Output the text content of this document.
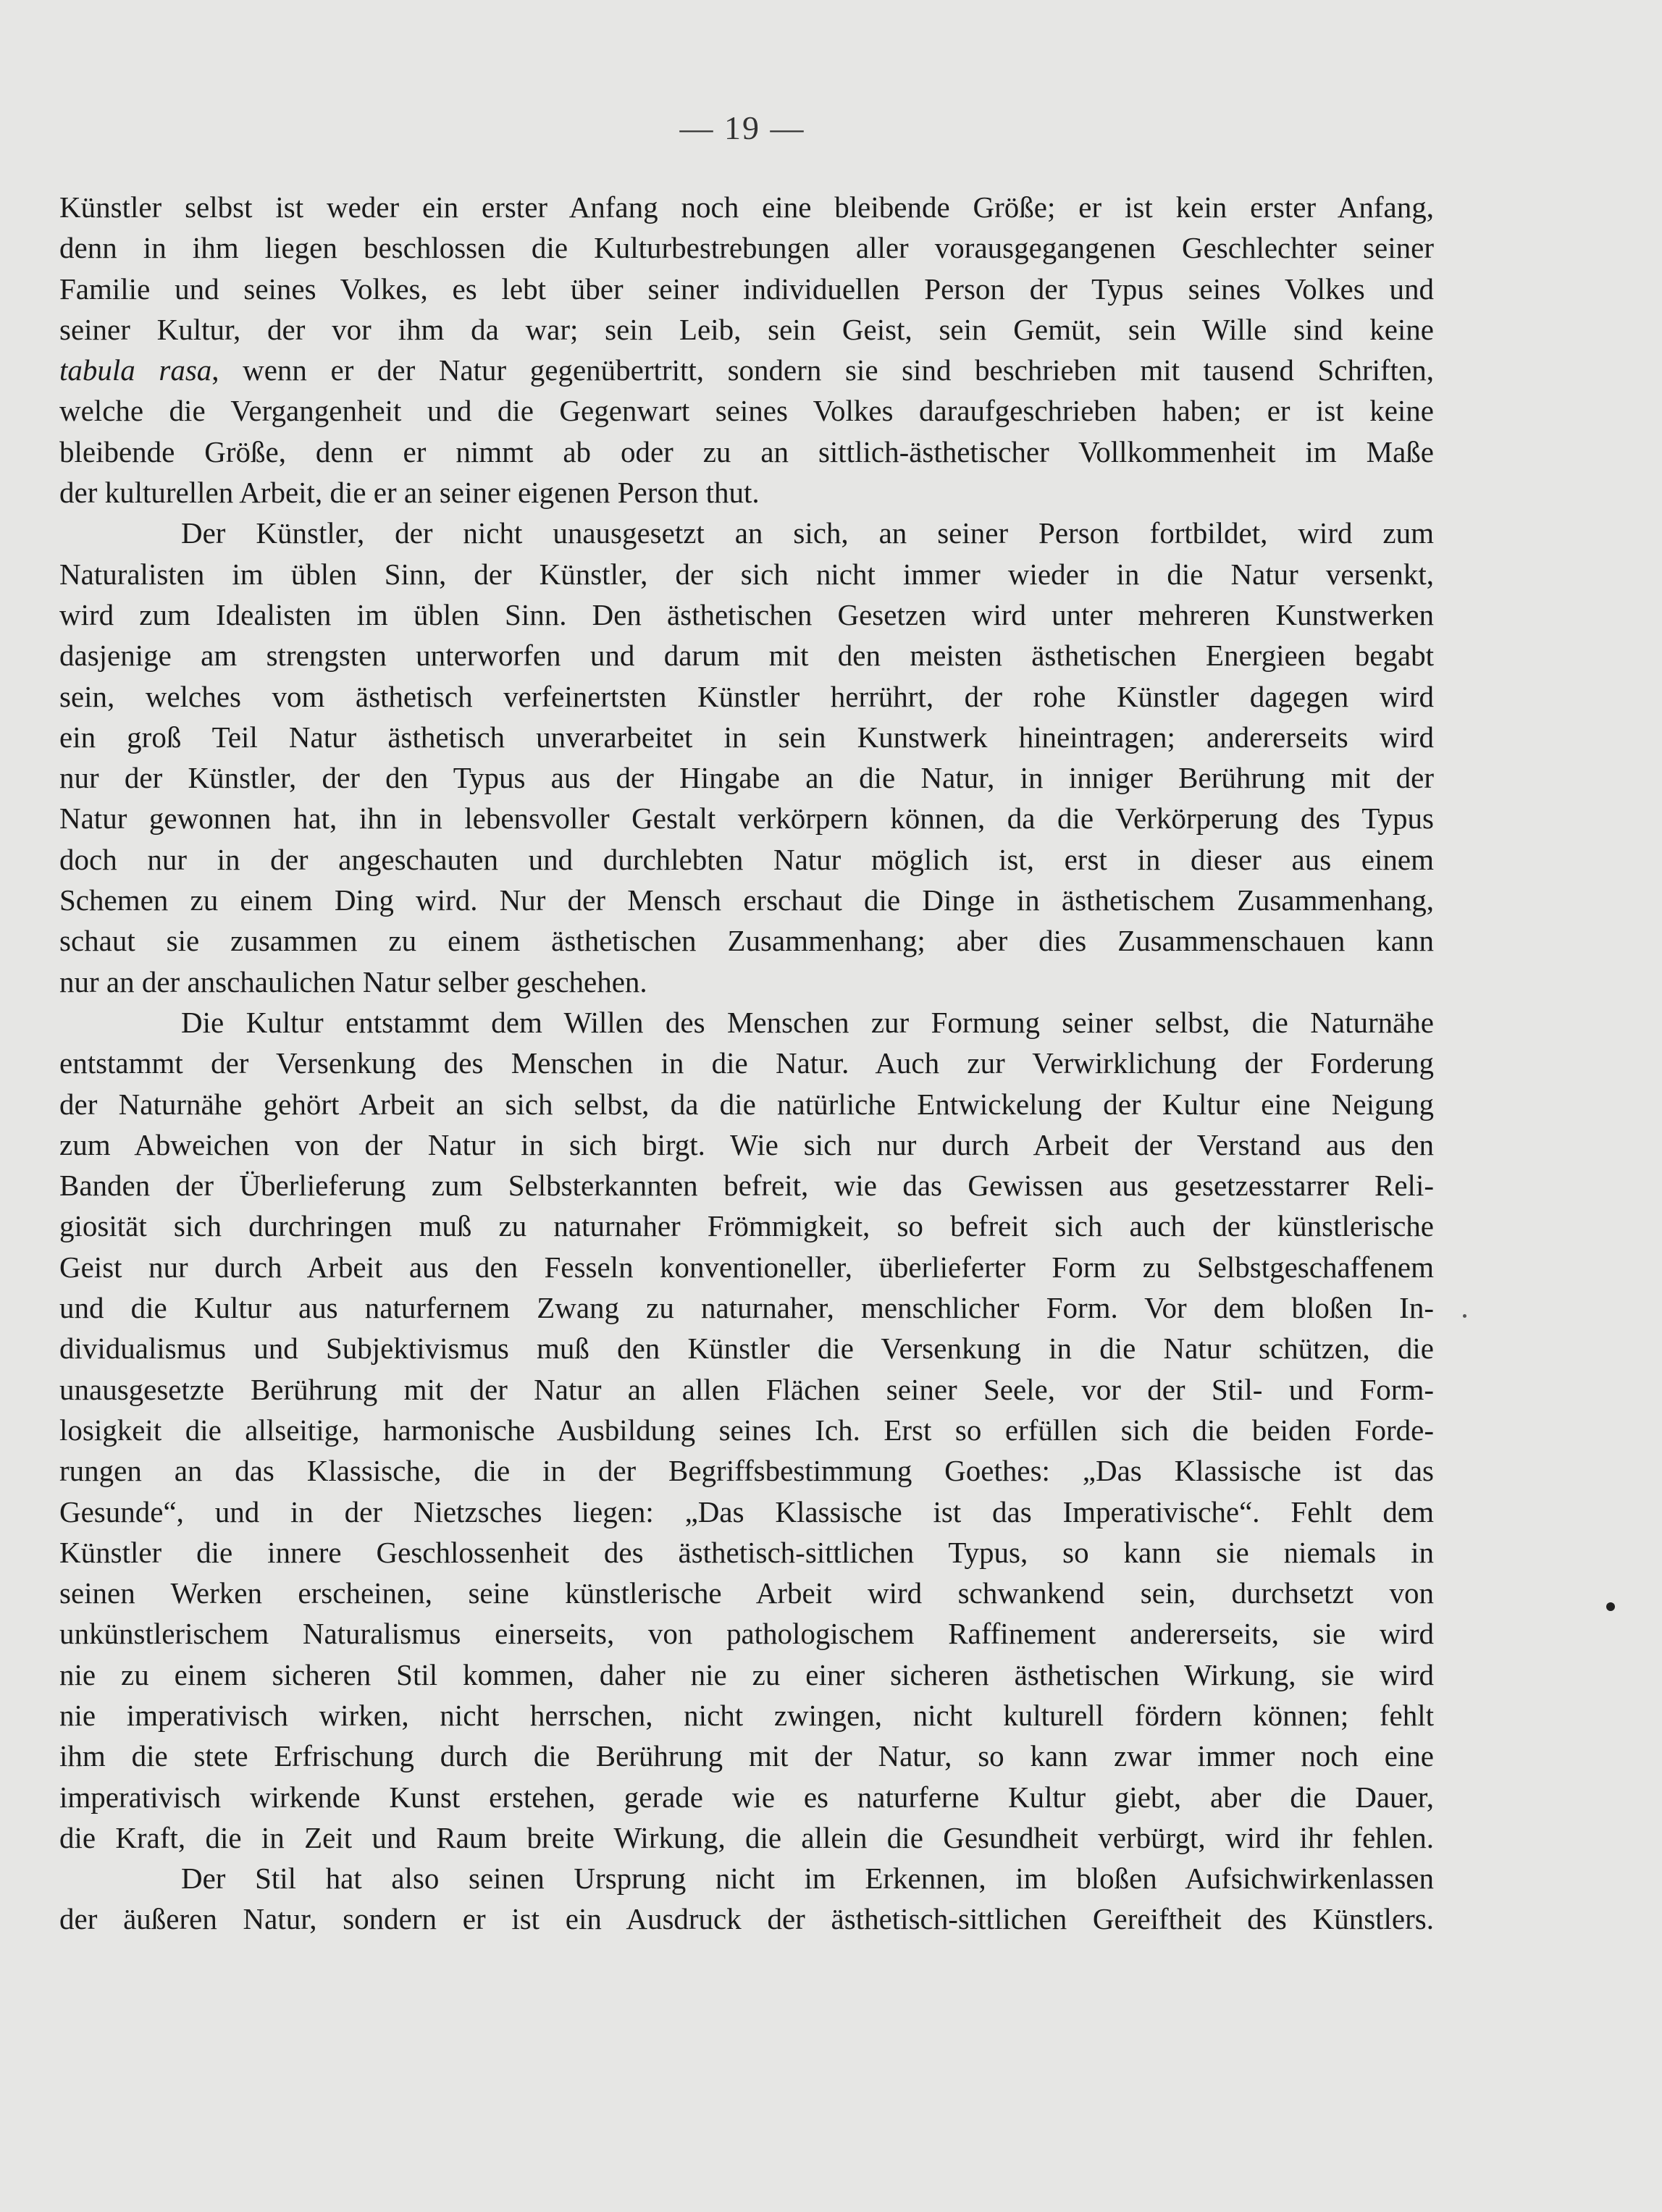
— 19 —
Künstler selbst ist weder ein erster Anfang noch eine bleibende Größe; er ist kein erster Anfang,
denn in ihm liegen beschlossen die Kulturbestrebungen aller vorausgegangenen Geschlechter seiner
Familie und seines Volkes, es lebt über seiner individuellen Person der Typus seines Volkes und
seiner Kultur, der vor ihm da war; sein Leib, sein Geist, sein Gemüt, sein Wille sind keine
tabula rasa, wenn er der Natur gegenübertritt, sondern sie sind beschrieben mit tausend Schriften,
welche die Vergangenheit und die Gegenwart seines Volkes daraufgeschrieben haben; er ist keine
bleibende Größe, denn er nimmt ab oder zu an sittlich-ästhetischer Vollkommenheit im Maße
der kulturellen Arbeit, die er an seiner eigenen Person thut.
Der Künstler, der nicht unausgesetzt an sich, an seiner Person fortbildet, wird zum
Naturalisten im üblen Sinn, der Künstler, der sich nicht immer wieder in die Natur versenkt,
wird zum Idealisten im üblen Sinn. Den ästhetischen Gesetzen wird unter mehreren Kunstwerken
dasjenige am strengsten unterworfen und darum mit den meisten ästhetischen Energieen begabt
sein, welches vom ästhetisch verfeinertsten Künstler herrührt, der rohe Künstler dagegen wird
ein groß Teil Natur ästhetisch unverarbeitet in sein Kunstwerk hineintragen; andererseits wird
nur der Künstler, der den Typus aus der Hingabe an die Natur, in inniger Berührung mit der
Natur gewonnen hat, ihn in lebensvoller Gestalt verkörpern können, da die Verkörperung des Typus
doch nur in der angeschauten und durchlebten Natur möglich ist, erst in dieser aus einem
Schemen zu einem Ding wird. Nur der Mensch erschaut die Dinge in ästhetischem Zusammenhang,
schaut sie zusammen zu einem ästhetischen Zusammenhang; aber dies Zusammenschauen kann
nur an der anschaulichen Natur selber geschehen.
Die Kultur entstammt dem Willen des Menschen zur Formung seiner selbst, die Naturnähe
entstammt der Versenkung des Menschen in die Natur. Auch zur Verwirklichung der Forderung
der Naturnähe gehört Arbeit an sich selbst, da die natürliche Entwickelung der Kultur eine Neigung
zum Abweichen von der Natur in sich birgt. Wie sich nur durch Arbeit der Verstand aus den
Banden der Überlieferung zum Selbsterkannten befreit, wie das Gewissen aus gesetzesstarrer Reli-
giosität sich durchringen muß zu naturnaher Frömmigkeit, so befreit sich auch der künstlerische
Geist nur durch Arbeit aus den Fesseln konventioneller, überlieferter Form zu Selbstgeschaffenem
und die Kultur aus naturfernem Zwang zu naturnaher, menschlicher Form. Vor dem bloßen In-
dividualismus und Subjektivismus muß den Künstler die Versenkung in die Natur schützen, die
unausgesetzte Berührung mit der Natur an allen Flächen seiner Seele, vor der Stil- und Form-
losigkeit die allseitige, harmonische Ausbildung seines Ich. Erst so erfüllen sich die beiden Forde-
rungen an das Klassische, die in der Begriffsbestimmung Goethes: „Das Klassische ist das
Gesunde“, und in der Nietzsches liegen: „Das Klassische ist das Imperativische“. Fehlt dem
Künstler die innere Geschlossenheit des ästhetisch-sittlichen Typus, so kann sie niemals in
seinen Werken erscheinen, seine künstlerische Arbeit wird schwankend sein, durchsetzt von
unkünstlerischem Naturalismus einerseits, von pathologischem Raffinement andererseits, sie wird
nie zu einem sicheren Stil kommen, daher nie zu einer sicheren ästhetischen Wirkung, sie wird
nie imperativisch wirken, nicht herrschen, nicht zwingen, nicht kulturell fördern können; fehlt
ihm die stete Erfrischung durch die Berührung mit der Natur, so kann zwar immer noch eine
imperativisch wirkende Kunst erstehen, gerade wie es naturferne Kultur giebt, aber die Dauer,
die Kraft, die in Zeit und Raum breite Wirkung, die allein die Gesundheit verbürgt, wird ihr fehlen.
Der Stil hat also seinen Ursprung nicht im Erkennen, im bloßen Aufsichwirkenlassen
der äußeren Natur, sondern er ist ein Ausdruck der ästhetisch-sittlichen Gereiftheit des Künstlers.
